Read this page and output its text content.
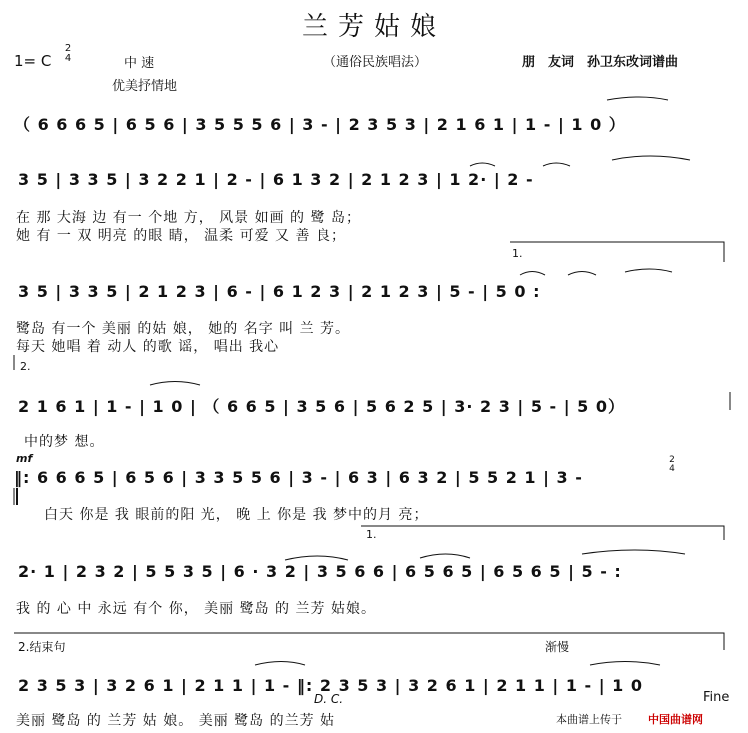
兰芳姑娘
1= C
2
4	中 速
优美抒情地
（通俗民族唱法）	朋　友词　孙卫东改词谱曲
（ 6 6 6 5 | 6 5 6 | 3 5 5 5 6 | 3 - | 2 3 5 3 | 2 1 6 1 | 1 - | 1 0 ）
3 5 | 3 3 5 | 3 2 2 1 | 2 - | 6 1 3 2 | 2 1 2 3 | 1 2· | 2 -
3 5 | 3 3 5 | 2 1 2 3 | 6 - | 6 1 2 3 | 2 1 2 3 | 5 - | 5 0 :
2 1 6 1 | 1 - | 1 0 | （ 6 6 5 | 3 5 6 | 5 6 2 5 | 3· 2 3 | 5 - | 5 0）
‖: 6 6 6 5 | 6 5 6 | 3 3 5 5 6 | 3 - | 6 3 | 6 3 2 | 5 5 2 1 | 3 -
2· 1 | 2 3 2 | 5 5 3 5 | 6 · 3 2 | 3 5 6 6 | 6 5 6 5 | 6 5 6 5 | 5 - :
2 3 5 3 | 3 2 6 1 | 2 1 1 | 1 - ‖: 2 3 5 3 | 3 2 6 1 | 2 1 1 | 1 - | 1 0
在 那 大海 边 有一 个地 方， 风景 如画 的 鹭 岛；
她 有 一 双 明亮 的眼 睛， 温柔 可爱 又 善 良；
鹭岛 有一个 美丽 的姑 娘， 她的 名字 叫 兰 芳。
每天 她唱 着 动人 的歌 谣， 唱出 我心
中的梦 想。
白天 你是 我 眼前的阳 光， 晚 上 你是 我 梦中的月 亮；
我 的 心 中 永远 有个 你， 美丽 鹭岛 的 兰芳 姑娘。
美丽 鹭岛 的 兰芳 姑 娘。 美丽 鹭岛 的兰芳 姑
1.
2.
1.
2.结束句
mf
渐慢
D. C.	Fine
2
4
本曲谱上传于 中国曲谱网
